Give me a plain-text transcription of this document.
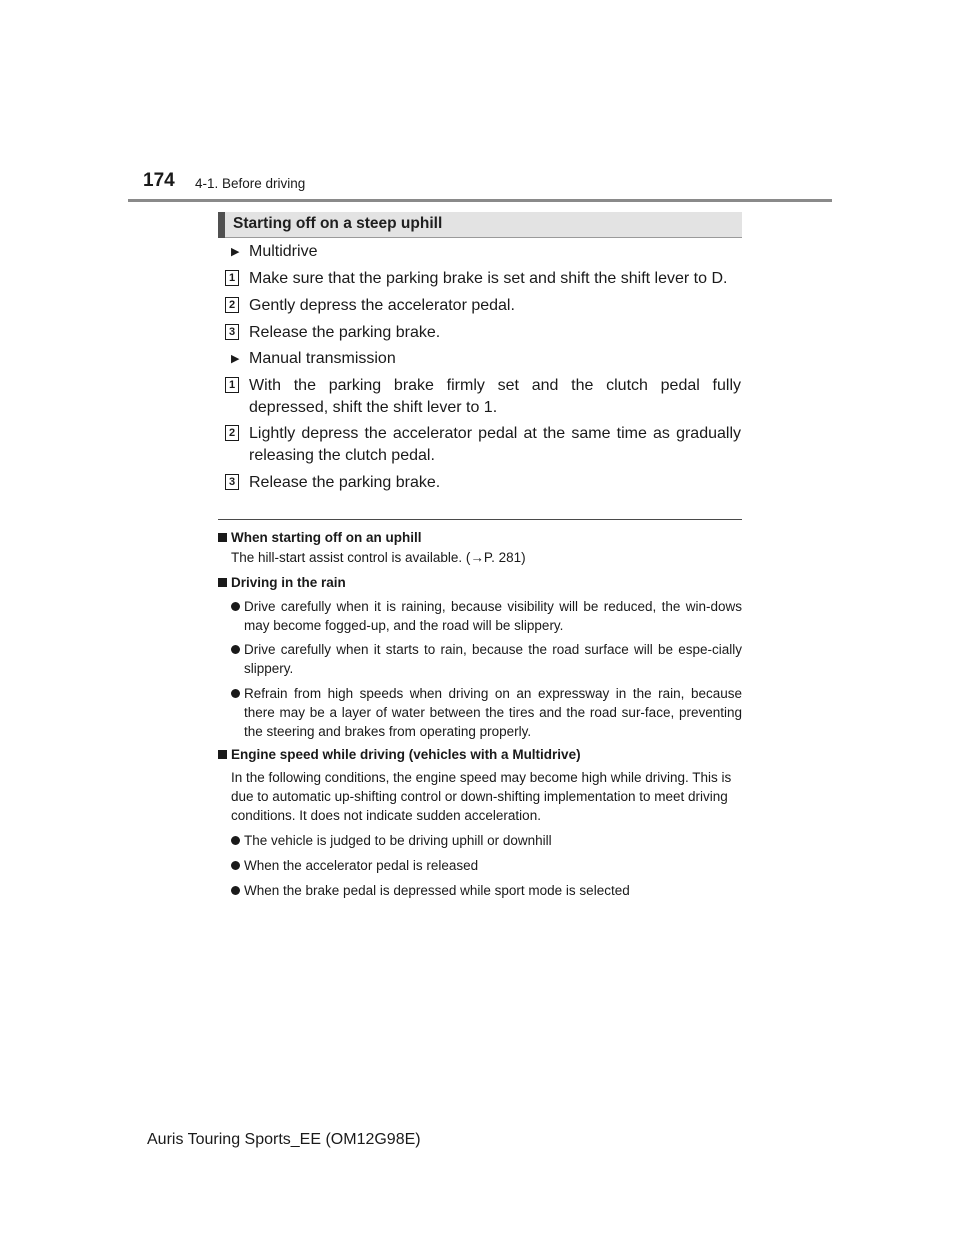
174 4-1. Before driving
Starting off on a steep uphill
▶ Multidrive
1 Make sure that the parking brake is set and shift the shift lever to D.
2 Gently depress the accelerator pedal.
3 Release the parking brake.
▶ Manual transmission
1 With the parking brake firmly set and the clutch pedal fully depressed, shift the shift lever to 1.
2 Lightly depress the accelerator pedal at the same time as gradually releasing the clutch pedal.
3 Release the parking brake.
When starting off on an uphill
The hill-start assist control is available. (→P. 281)
Driving in the rain
Drive carefully when it is raining, because visibility will be reduced, the win-dows may become fogged-up, and the road will be slippery.
Drive carefully when it starts to rain, because the road surface will be espe-cially slippery.
Refrain from high speeds when driving on an expressway in the rain, because there may be a layer of water between the tires and the road sur-face, preventing the steering and brakes from operating properly.
Engine speed while driving (vehicles with a Multidrive)
In the following conditions, the engine speed may become high while driving. This is due to automatic up-shifting control or down-shifting implementation to meet driving conditions. It does not indicate sudden acceleration.
The vehicle is judged to be driving uphill or downhill
When the accelerator pedal is released
When the brake pedal is depressed while sport mode is selected
Auris Touring Sports_EE (OM12G98E)
